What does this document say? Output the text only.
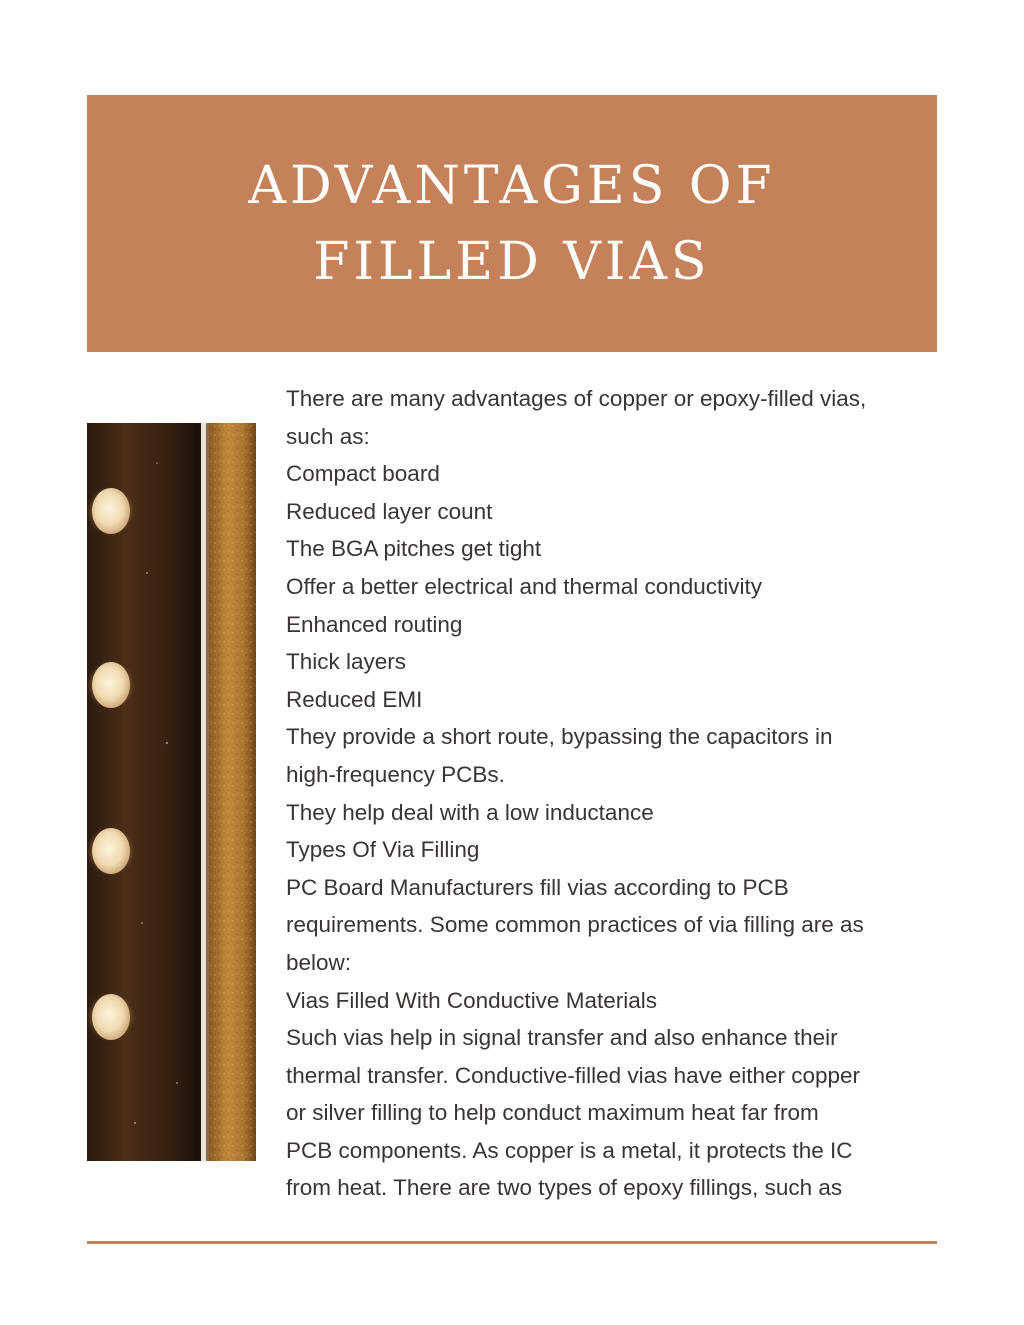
ADVANTAGES OF
FILLED VIAS
There are many advantages of copper or epoxy-filled vias,
such as:
Compact board
Reduced layer count
The BGA pitches get tight
Offer a better electrical and thermal conductivity
Enhanced routing
Thick layers
Reduced EMI
They provide a short route, bypassing the capacitors in
high-frequency PCBs.
They help deal with a low inductance
Types Of Via Filling
PC Board Manufacturers fill vias according to PCB
requirements. Some common practices of via filling are as
below:
Vias Filled With Conductive Materials
Such vias help in signal transfer and also enhance their
thermal transfer. Conductive-filled vias have either copper
or silver filling to help conduct maximum heat far from
PCB components. As copper is a metal, it protects the IC
from heat. There are two types of epoxy fillings, such as
